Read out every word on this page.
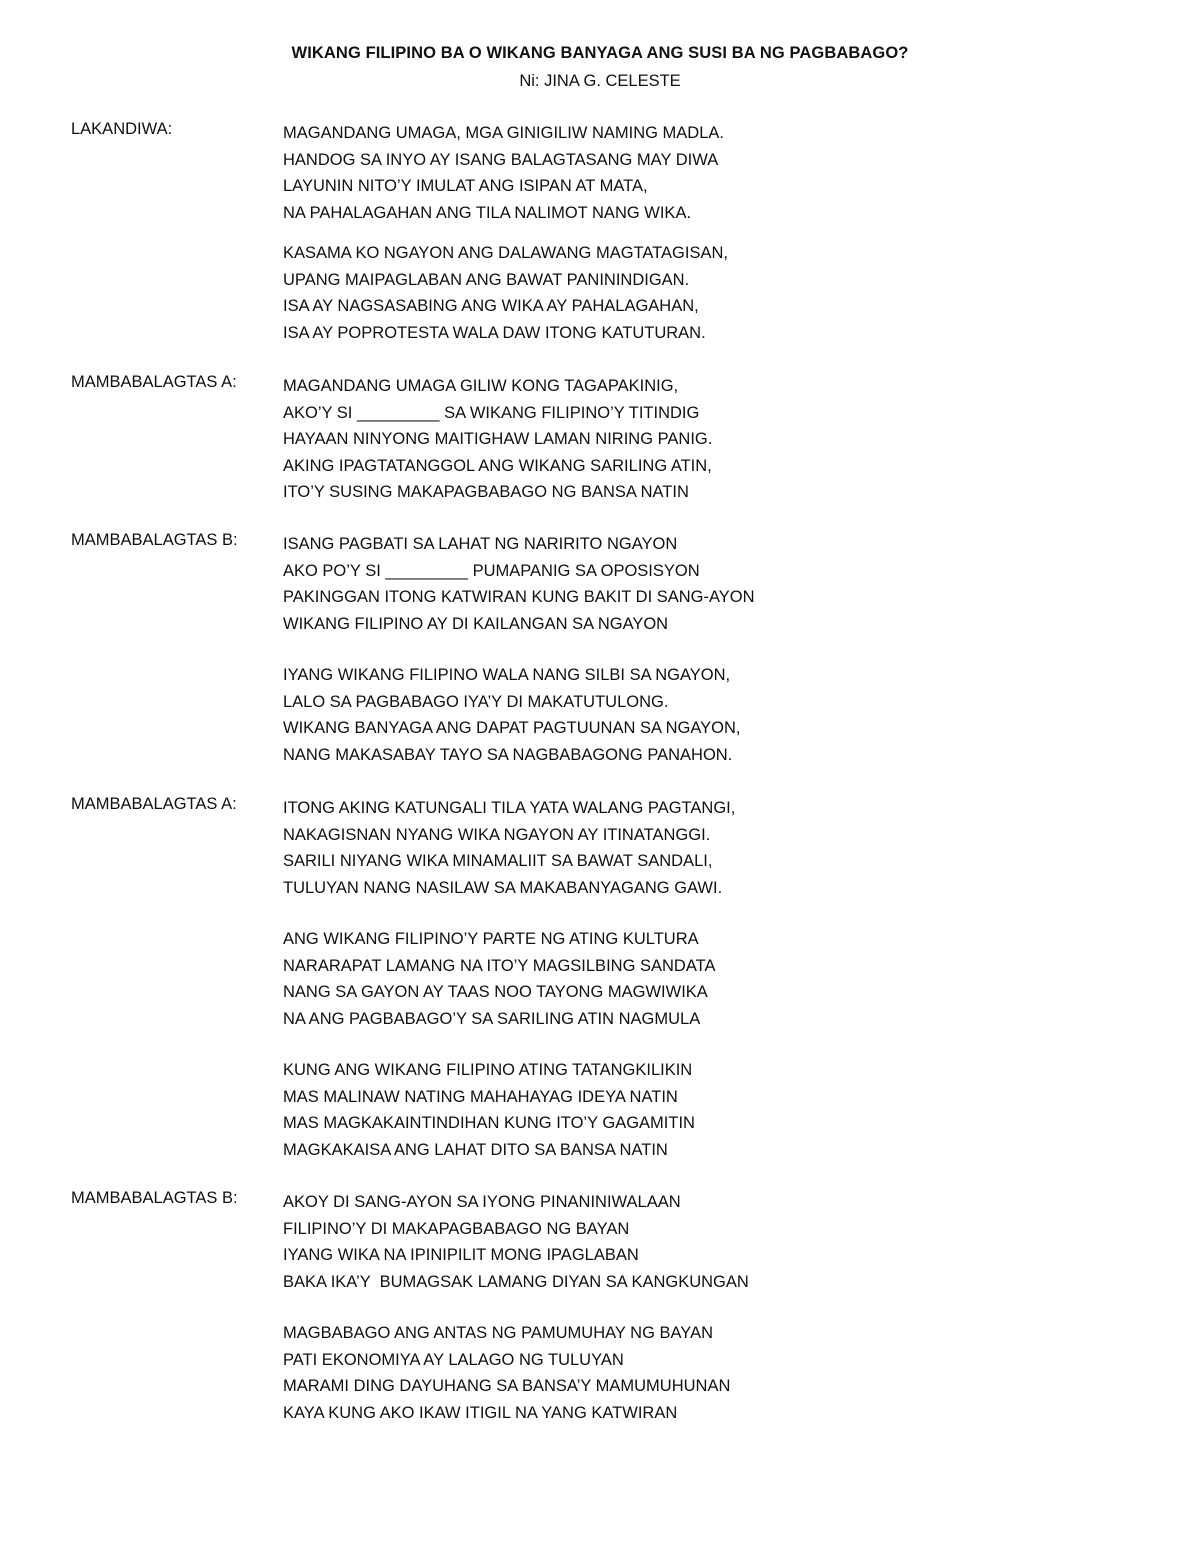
WIKANG FILIPINO BA O WIKANG BANYAGA ANG SUSI BA NG PAGBABAGO?
Ni: JINA G. CELESTE
LAKANDIWA:	MAGANDANG UMAGA, MGA GINIGILIW NAMING MADLA.
HANDOG SA INYO AY ISANG BALAGTASANG MAY DIWA
LAYUNIN NITO’Y IMULAT ANG ISIPAN AT MATA,
NA PAHALAGAHAN ANG TILA NALIMOT NANG WIKA.
KASAMA KO NGAYON ANG DALAWANG MAGTATAGISAN,
UPANG MAIPAGLABAN ANG BAWAT PANININDIGAN.
ISA AY NAGSASABING ANG WIKA AY PAHALAGAHAN,
ISA AY POPROTESTA WALA DAW ITONG KATUTURAN.
MAMBABALAGTAS A:	MAGANDANG UMAGA GILIW KONG TAGAPAKINIG,
AKO’Y SI _________ SA WIKANG FILIPINO’Y TITINDIG
HAYAAN NINYONG MAITIGHAW LAMAN NIRING PANIG.
AKING IPAGTATANGGOL ANG WIKANG SARILING ATIN,
ITO’Y SUSING MAKAPAGBABAGO NG BANSA NATIN
MAMBABALAGTAS B:	ISANG PAGBATI SA LAHAT NG NARIRITO NGAYON
AKO PO’Y SI _________ PUMAPANIG SA OPOSISYON
PAKINGGAN ITONG KATWIRAN KUNG BAKIT DI SANG-AYON
WIKANG FILIPINO AY DI KAILANGAN SA NGAYON
IYANG WIKANG FILIPINO WALA NANG SILBI SA NGAYON,
LALO SA PAGBABAGO IYA’Y DI MAKATUTULONG.
WIKANG BANYAGA ANG DAPAT PAGTUUNAN SA NGAYON,
NANG MAKASABAY TAYO SA NAGBABAGONG PANAHON.
MAMBABALAGTAS A:	ITONG AKING KATUNGALI TILA YATA WALANG PAGTANGI,
NAKAGISNAN NYANG WIKA NGAYON AY ITINATANGGI.
SARILI NIYANG WIKA MINAMALIIT SA BAWAT SANDALI,
TULUYAN NANG NASILAW SA MAKABANYAGANG GAWI.
ANG WIKANG FILIPINO’Y PARTE NG ATING KULTURA
NARARAPAT LAMANG NA ITO’Y MAGSILBING SANDATA
NANG SA GAYON AY TAAS NOO TAYONG MAGWIWIKA
NA ANG PAGBABAGO’Y SA SARILING ATIN NAGMULA
KUNG ANG WIKANG FILIPINO ATING TATANGKILIKIN
MAS MALINAW NATING MAHAHAYAG IDEYA NATIN
MAS MAGKAKAINTINDIHAN KUNG ITO’Y GAGAMITIN
MAGKAKAISA ANG LAHAT DITO SA BANSA NATIN
MAMBABALAGTAS B:	AKOY DI SANG-AYON SA IYONG PINANINIWALAAN
FILIPINO’Y DI MAKAPAGBABAGO NG BAYAN
IYANG WIKA NA IPINIPILIT MONG IPAGLABAN
BAKA IKA’Y  BUMAGSAK LAMANG DIYAN SA KANGKUNGAN
MAGBABAGO ANG ANTAS NG PAMUMUHAY NG BAYAN
PATI EKONOMIYA AY LALAGO NG TULUYAN
MARAMI DING DAYUHANG SA BANSA’Y MAMUMUHUNAN
KAYA KUNG AKO IKAW ITIGIL NA YANG KATWIRAN
